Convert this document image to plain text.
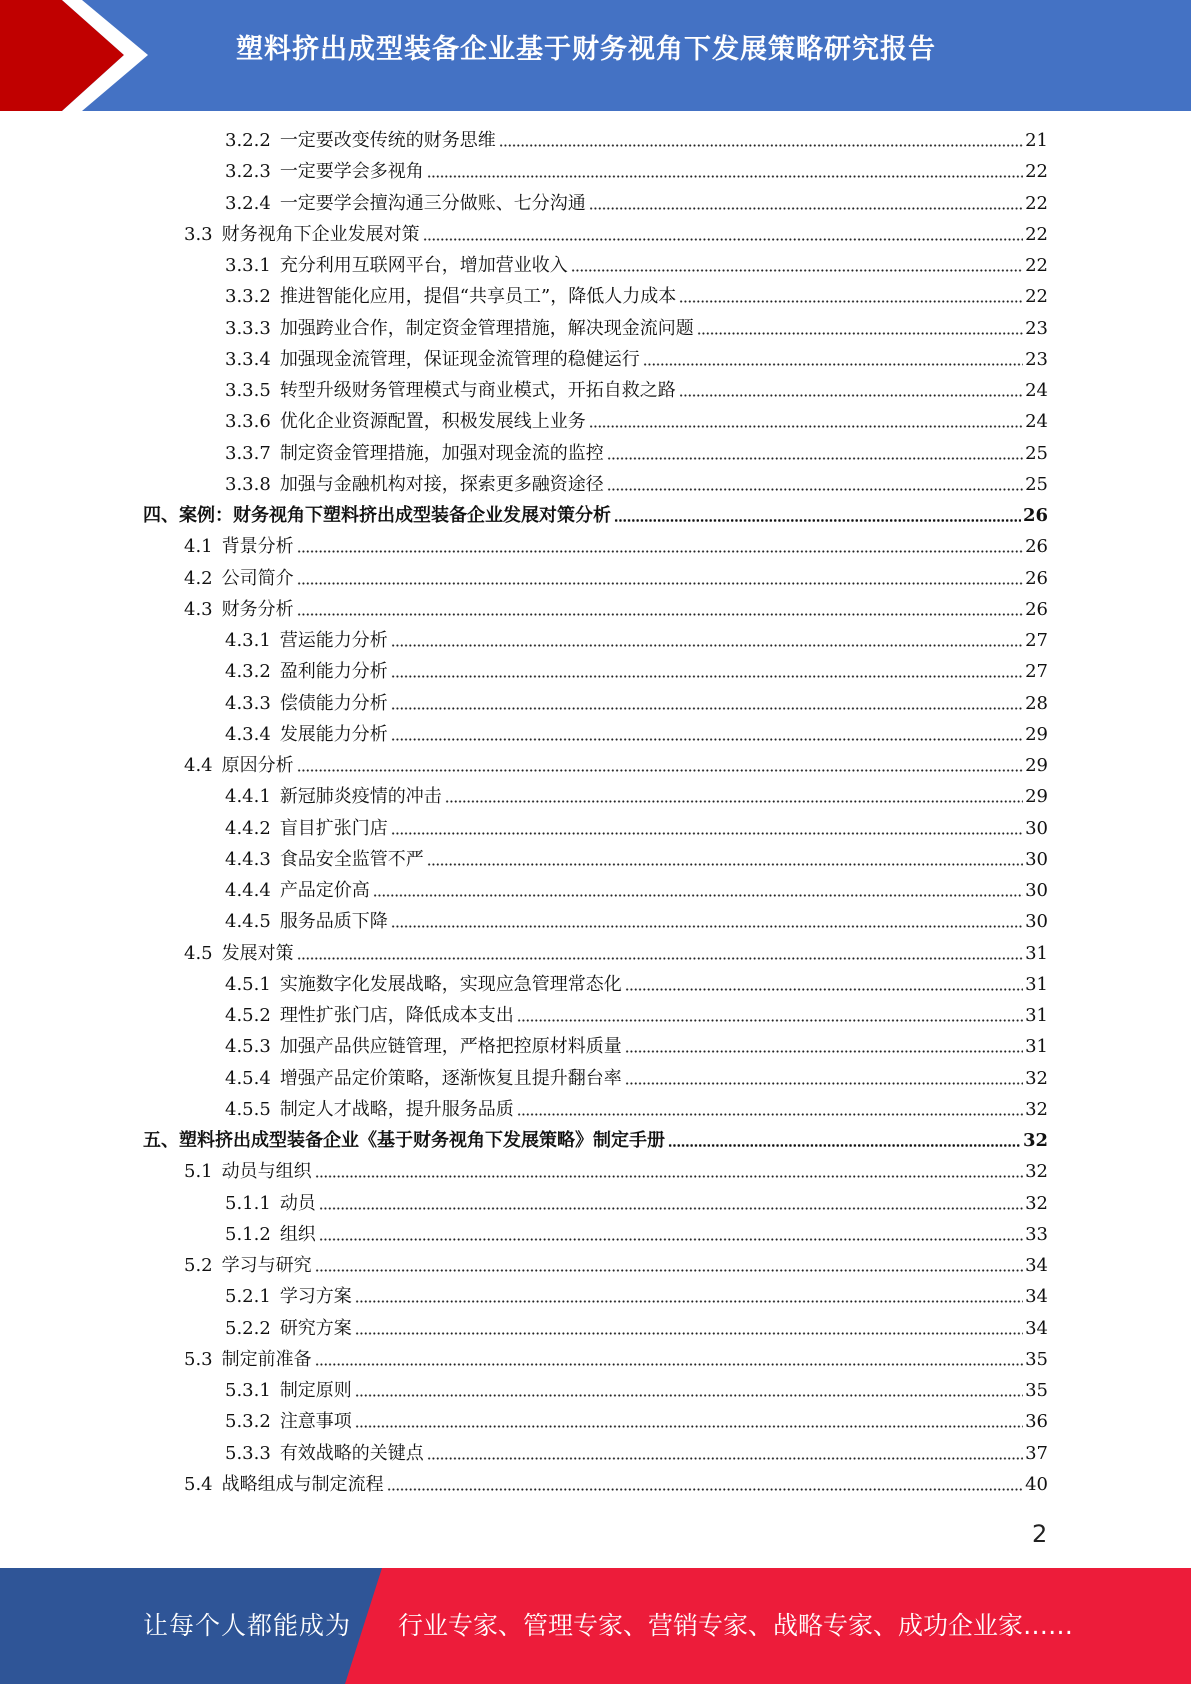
塑料挤出成型装备企业基于财务视角下发展策略研究报告
3.2.2 一定要改变传统的财务思维	21
3.2.3 一定要学会多视角	22
3.2.4 一定要学会擅沟通三分做账、七分沟通	22
3.3 财务视角下企业发展对策	22
3.3.1 充分利用互联网平台，增加营业收入	22
3.3.2 推进智能化应用，提倡“共享员工”，降低人力成本	22
3.3.3 加强跨业合作，制定资金管理措施，解决现金流问题	23
3.3.4 加强现金流管理，保证现金流管理的稳健运行	23
3.3.5 转型升级财务管理模式与商业模式，开拓自救之路	24
3.3.6 优化企业资源配置，积极发展线上业务	24
3.3.7 制定资金管理措施，加强对现金流的监控	25
3.3.8 加强与金融机构对接，探索更多融资途径	25
四、案例：财务视角下塑料挤出成型装备企业发展对策分析	26
4.1 背景分析	26
4.2 公司简介	26
4.3 财务分析	26
4.3.1 营运能力分析	27
4.3.2 盈利能力分析	27
4.3.3 偿债能力分析	28
4.3.4 发展能力分析	29
4.4 原因分析	29
4.4.1 新冠肺炎疫情的冲击	29
4.4.2 盲目扩张门店	30
4.4.3 食品安全监管不严	30
4.4.4 产品定价高	30
4.4.5 服务品质下降	30
4.5 发展对策	31
4.5.1 实施数字化发展战略，实现应急管理常态化	31
4.5.2 理性扩张门店，降低成本支出	31
4.5.3 加强产品供应链管理，严格把控原材料质量	31
4.5.4 增强产品定价策略，逐渐恢复且提升翻台率	32
4.5.5 制定人才战略，提升服务品质	32
五、塑料挤出成型装备企业《基于财务视角下发展策略》制定手册	32
5.1 动员与组织	32
5.1.1 动员	32
5.1.2 组织	33
5.2 学习与研究	34
5.2.1 学习方案	34
5.2.2 研究方案	34
5.3 制定前准备	35
5.3.1 制定原则	35
5.3.2 注意事项	36
5.3.3 有效战略的关键点	37
5.4 战略组成与制定流程	40
2

让每个人都能成为 行业专家、管理专家、营销专家、战略专家、成功企业家……
